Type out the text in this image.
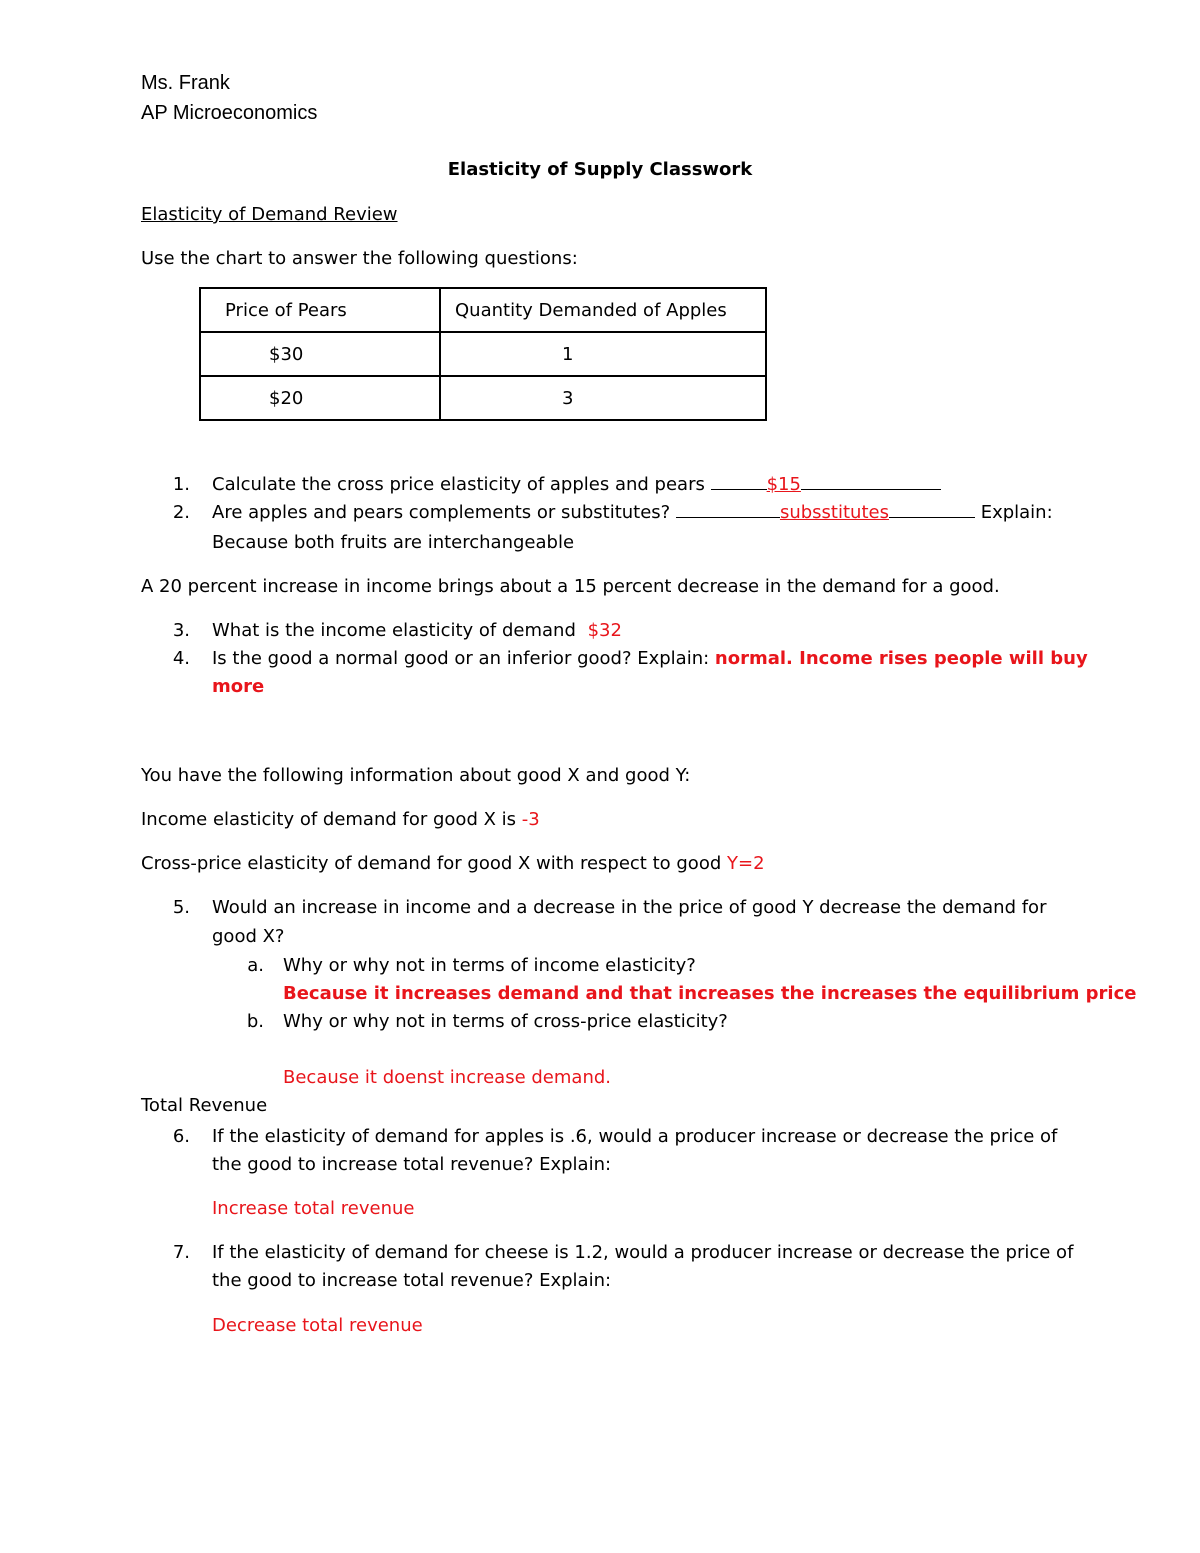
Ms. Frank
AP Microeconomics
Elasticity of Supply Classwork
Elasticity of Demand Review
Use the chart to answer the following questions:
Price of Pears	Quantity Demanded of Apples
$30	1
$20	3
1. Calculate the cross price elasticity of apples and pears	$15
2. Are apples and pears complements or substitutes?	subsstitutes	Explain:
Because both fruits are interchangeable
A 20 percent increase in income brings about a 15 percent decrease in the demand for a good.
3. What is the income elasticity of demand $32
4. Is the good a normal good or an inferior good? Explain: normal. Income rises people will buy
more
You have the following information about good X and good Y:
Income elasticity of demand for good X is -3
Cross-price elasticity of demand for good X with respect to good Y=2
5. Would an increase in income and a decrease in the price of good Y decrease the demand for
good X?
a. Why or why not in terms of income elasticity?
Because it increases demand and that increases the increases the equilibrium price
b. Why or why not in terms of cross-price elasticity?
Because it doenst increase demand.
Total Revenue
6. If the elasticity of demand for apples is .6, would a producer increase or decrease the price of
the good to increase total revenue? Explain:
Increase total revenue
7. If the elasticity of demand for cheese is 1.2, would a producer increase or decrease the price of
the good to increase total revenue? Explain:
Decrease total revenue
